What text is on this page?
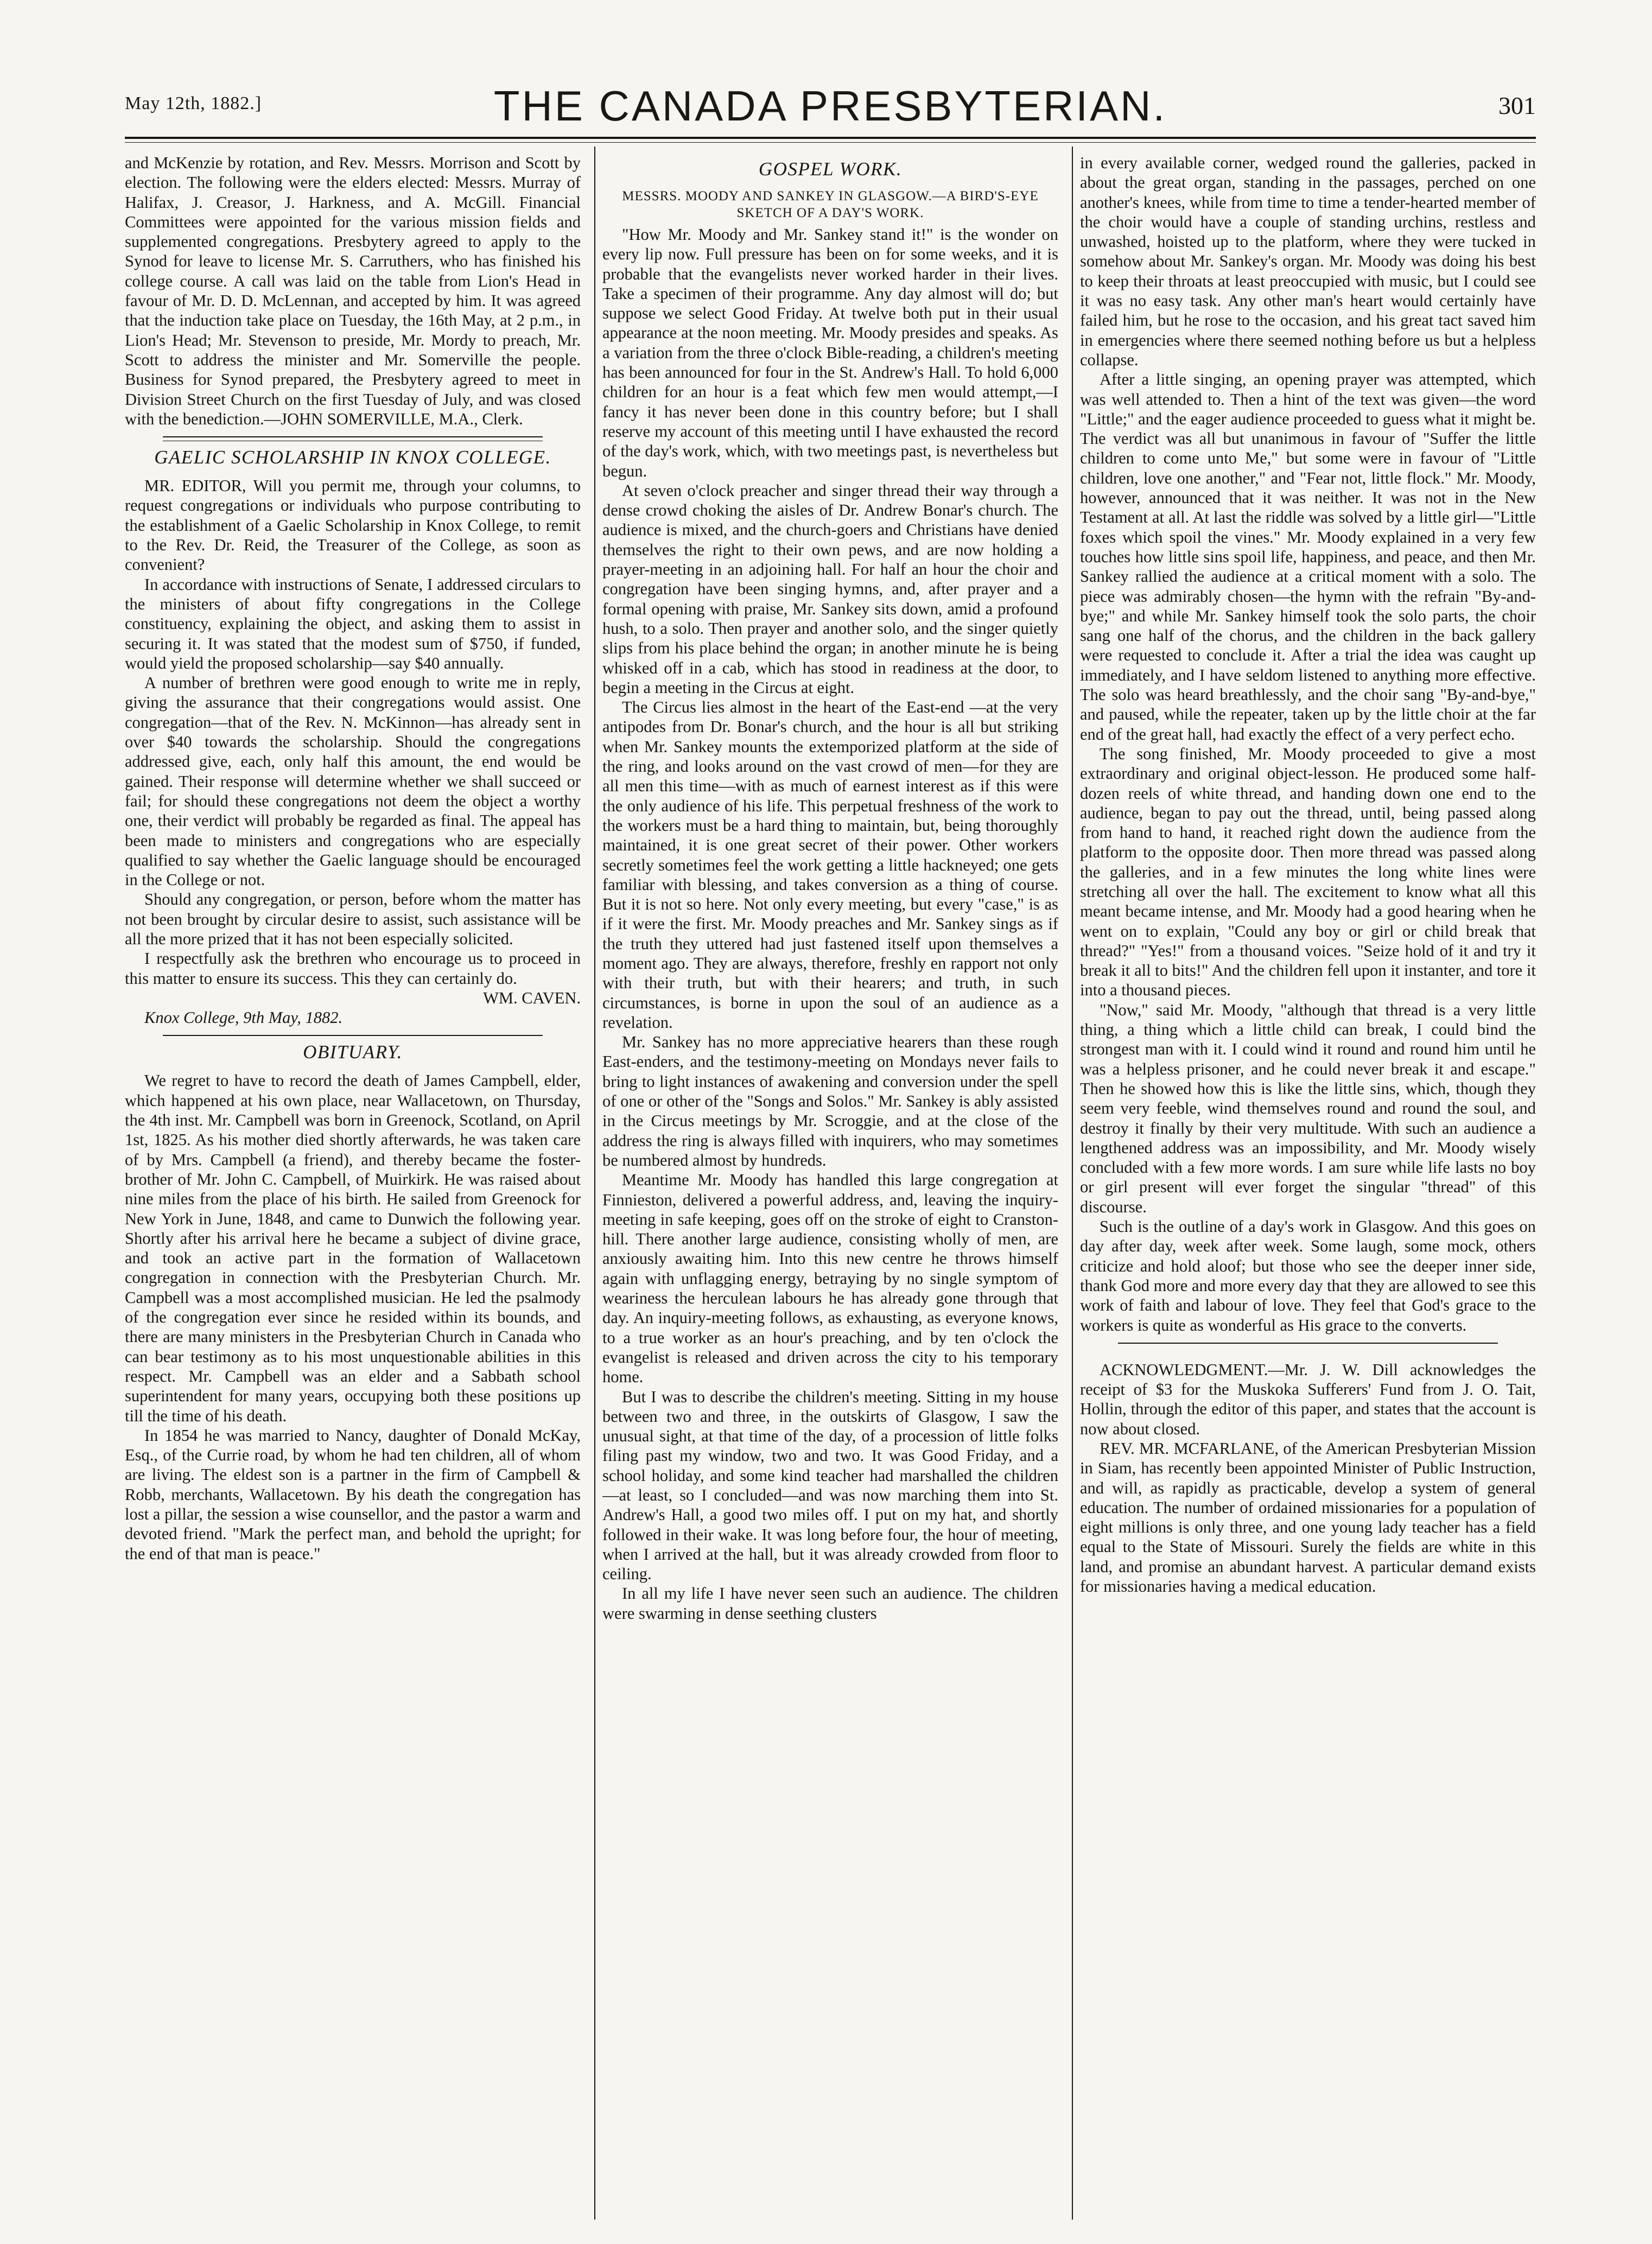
May 12th, 1882.]	THE CANADA PRESBYTERIAN.	301

and McKenzie by rotation, and Rev. Messrs. Morrison and Scott by election. The following were the elders elected: Messrs. Murray of Halifax, J. Creasor, J. Harkness, and A. McGill. Financial Committees were appointed for the various mission fields and supplemented congregations. Presbytery agreed to apply to the Synod for leave to license Mr. S. Carruthers, who has finished his college course. A call was laid on the table from Lion's Head in favour of Mr. D. D. McLennan, and accepted by him. It was agreed that the induction take place on Tuesday, the 16th May, at 2 p.m., in Lion's Head; Mr. Stevenson to preside, Mr. Mordy to preach, Mr. Scott to address the minister and Mr. Somerville the people. Business for Synod prepared, the Presbytery agreed to meet in Division Street Church on the first Tuesday of July, and was closed with the benediction.—JOHN SOMERVILLE, M.A., Clerk.

GAELIC SCHOLARSHIP IN KNOX COLLEGE.

MR. EDITOR, Will you permit me, through your columns, to request congregations or individuals who purpose contributing to the establishment of a Gaelic Scholarship in Knox College, to remit to the Rev. Dr. Reid, the Treasurer of the College, as soon as convenient?

In accordance with instructions of Senate, I addressed circulars to the ministers of about fifty congregations in the College constituency, explaining the object, and asking them to assist in securing it. It was stated that the modest sum of $750, if funded, would yield the proposed scholarship—say $40 annually.

A number of brethren were good enough to write me in reply, giving the assurance that their congregations would assist. One congregation—that of the Rev. N. McKinnon—has already sent in over $40 towards the scholarship. Should the congregations addressed give, each, only half this amount, the end would be gained. Their response will determine whether we shall succeed or fail; for should these congregations not deem the object a worthy one, their verdict will probably be regarded as final. The appeal has been made to ministers and congregations who are especially qualified to say whether the Gaelic language should be encouraged in the College or not.

Should any congregation, or person, before whom the matter has not been brought by circular desire to assist, such assistance will be all the more prized that it has not been especially solicited.

I respectfully ask the brethren who encourage us to proceed in this matter to ensure its success. This they can certainly do.

WM. CAVEN.

Knox College, 9th May, 1882.

OBITUARY.

We regret to have to record the death of James Campbell, elder, which happened at his own place, near Wallacetown, on Thursday, the 4th inst. Mr. Campbell was born in Greenock, Scotland, on April 1st, 1825. As his mother died shortly afterwards, he was taken care of by Mrs. Campbell (a friend), and thereby became the foster-brother of Mr. John C. Campbell, of Muirkirk. He was raised about nine miles from the place of his birth. He sailed from Greenock for New York in June, 1848, and came to Dunwich the following year. Shortly after his arrival here he became a subject of divine grace, and took an active part in the formation of Wallacetown congregation in connection with the Presbyterian Church. Mr. Campbell was a most accomplished musician. He led the psalmody of the congregation ever since he resided within its bounds, and there are many ministers in the Presbyterian Church in Canada who can bear testimony as to his most unquestionable abilities in this respect. Mr. Campbell was an elder and a Sabbath school superintendent for many years, occupying both these positions up till the time of his death.

In 1854 he was married to Nancy, daughter of Donald McKay, Esq., of the Currie road, by whom he had ten children, all of whom are living. The eldest son is a partner in the firm of Campbell & Robb, merchants, Wallacetown. By his death the congregation has lost a pillar, the session a wise counsellor, and the pastor a warm and devoted friend. "Mark the perfect man, and behold the upright; for the end of that man is peace."

GOSPEL WORK.
MESSRS. MOODY AND SANKEY IN GLASGOW.—A BIRD'S-EYE SKETCH OF A DAY'S WORK.

"How Mr. Moody and Mr. Sankey stand it!" is the wonder on every lip now. Full pressure has been on for some weeks, and it is probable that the evangelists never worked harder in their lives. Take a specimen of their programme. Any day almost will do; but suppose we select Good Friday. At twelve both put in their usual appearance at the noon meeting. Mr. Moody presides and speaks. As a variation from the three o'clock Bible-reading, a children's meeting has been announced for four in the St. Andrew's Hall. To hold 6,000 children for an hour is a feat which few men would attempt,—I fancy it has never been done in this country before; but I shall reserve my account of this meeting until I have exhausted the record of the day's work, which, with two meetings past, is nevertheless but begun.

At seven o'clock preacher and singer thread their way through a dense crowd choking the aisles of Dr. Andrew Bonar's church. The audience is mixed, and the church-goers and Christians have denied themselves the right to their own pews, and are now holding a prayer-meeting in an adjoining hall. For half an hour the choir and congregation have been singing hymns, and, after prayer and a formal opening with praise, Mr. Sankey sits down, amid a profound hush, to a solo. Then prayer and another solo, and the singer quietly slips from his place behind the organ; in another minute he is being whisked off in a cab, which has stood in readiness at the door, to begin a meeting in the Circus at eight.

The Circus lies almost in the heart of the East-end —at the very antipodes from Dr. Bonar's church, and the hour is all but striking when Mr. Sankey mounts the extemporized platform at the side of the ring, and looks around on the vast crowd of men—for they are all men this time—with as much of earnest interest as if this were the only audience of his life. This perpetual freshness of the work to the workers must be a hard thing to maintain, but, being thoroughly maintained, it is one great secret of their power. Other workers secretly sometimes feel the work getting a little hackneyed; one gets familiar with blessing, and takes conversion as a thing of course. But it is not so here. Not only every meeting, but every "case," is as if it were the first. Mr. Moody preaches and Mr. Sankey sings as if the truth they uttered had just fastened itself upon themselves a moment ago. They are always, therefore, freshly en rapport not only with their truth, but with their hearers; and truth, in such circumstances, is borne in upon the soul of an audience as a revelation.

Mr. Sankey has no more appreciative hearers than these rough East-enders, and the testimony-meeting on Mondays never fails to bring to light instances of awakening and conversion under the spell of one or other of the "Songs and Solos." Mr. Sankey is ably assisted in the Circus meetings by Mr. Scroggie, and at the close of the address the ring is always filled with inquirers, who may sometimes be numbered almost by hundreds.

Meantime Mr. Moody has handled this large congregation at Finnieston, delivered a powerful address, and, leaving the inquiry-meeting in safe keeping, goes off on the stroke of eight to Cranston-hill. There another large audience, consisting wholly of men, are anxiously awaiting him. Into this new centre he throws himself again with unflagging energy, betraying by no single symptom of weariness the herculean labours he has already gone through that day. An inquiry-meeting follows, as exhausting, as everyone knows, to a true worker as an hour's preaching, and by ten o'clock the evangelist is released and driven across the city to his temporary home.

But I was to describe the children's meeting. Sitting in my house between two and three, in the outskirts of Glasgow, I saw the unusual sight, at that time of the day, of a procession of little folks filing past my window, two and two. It was Good Friday, and a school holiday, and some kind teacher had marshalled the children—at least, so I concluded—and was now marching them into St. Andrew's Hall, a good two miles off. I put on my hat, and shortly followed in their wake. It was long before four, the hour of meeting, when I arrived at the hall, but it was already crowded from floor to ceiling.

In all my life I have never seen such an audience. The children were swarming in dense seething clusters

in every available corner, wedged round the galleries, packed in about the great organ, standing in the passages, perched on one another's knees, while from time to time a tender-hearted member of the choir would have a couple of standing urchins, restless and unwashed, hoisted up to the platform, where they were tucked in somehow about Mr. Sankey's organ. Mr. Moody was doing his best to keep their throats at least preoccupied with music, but I could see it was no easy task. Any other man's heart would certainly have failed him, but he rose to the occasion, and his great tact saved him in emergencies where there seemed nothing before us but a helpless collapse.

After a little singing, an opening prayer was attempted, which was well attended to. Then a hint of the text was given—the word "Little;" and the eager audience proceeded to guess what it might be. The verdict was all but unanimous in favour of "Suffer the little children to come unto Me," but some were in favour of "Little children, love one another," and "Fear not, little flock." Mr. Moody, however, announced that it was neither. It was not in the New Testament at all. At last the riddle was solved by a little girl—"Little foxes which spoil the vines." Mr. Moody explained in a very few touches how little sins spoil life, happiness, and peace, and then Mr. Sankey rallied the audience at a critical moment with a solo. The piece was admirably chosen—the hymn with the refrain "By-and-bye;" and while Mr. Sankey himself took the solo parts, the choir sang one half of the chorus, and the children in the back gallery were requested to conclude it. After a trial the idea was caught up immediately, and I have seldom listened to anything more effective. The solo was heard breathlessly, and the choir sang "By-and-bye," and paused, while the repeater, taken up by the little choir at the far end of the great hall, had exactly the effect of a very perfect echo.

The song finished, Mr. Moody proceeded to give a most extraordinary and original object-lesson. He produced some half-dozen reels of white thread, and handing down one end to the audience, began to pay out the thread, until, being passed along from hand to hand, it reached right down the audience from the platform to the opposite door. Then more thread was passed along the galleries, and in a few minutes the long white lines were stretching all over the hall. The excitement to know what all this meant became intense, and Mr. Moody had a good hearing when he went on to explain, "Could any boy or girl or child break that thread?" "Yes!" from a thousand voices. "Seize hold of it and try it break it all to bits!" And the children fell upon it instanter, and tore it into a thousand pieces.

"Now," said Mr. Moody, "although that thread is a very little thing, a thing which a little child can break, I could bind the strongest man with it. I could wind it round and round him until he was a helpless prisoner, and he could never break it and escape." Then he showed how this is like the little sins, which, though they seem very feeble, wind themselves round and round the soul, and destroy it finally by their very multitude. With such an audience a lengthened address was an impossibility, and Mr. Moody wisely concluded with a few more words. I am sure while life lasts no boy or girl present will ever forget the singular "thread" of this discourse.

Such is the outline of a day's work in Glasgow. And this goes on day after day, week after week. Some laugh, some mock, others criticize and hold aloof; but those who see the deeper inner side, thank God more and more every day that they are allowed to see this work of faith and labour of love. They feel that God's grace to the workers is quite as wonderful as His grace to the converts.

ACKNOWLEDGMENT.—Mr. J. W. Dill acknowledges the receipt of $3 for the Muskoka Sufferers' Fund from J. O. Tait, Hollin, through the editor of this paper, and states that the account is now about closed.

REV. MR. MCFARLANE, of the American Presbyterian Mission in Siam, has recently been appointed Minister of Public Instruction, and will, as rapidly as practicable, develop a system of general education. The number of ordained missionaries for a population of eight millions is only three, and one young lady teacher has a field equal to the State of Missouri. Surely the fields are white in this land, and promise an abundant harvest. A particular demand exists for missionaries having a medical education.
